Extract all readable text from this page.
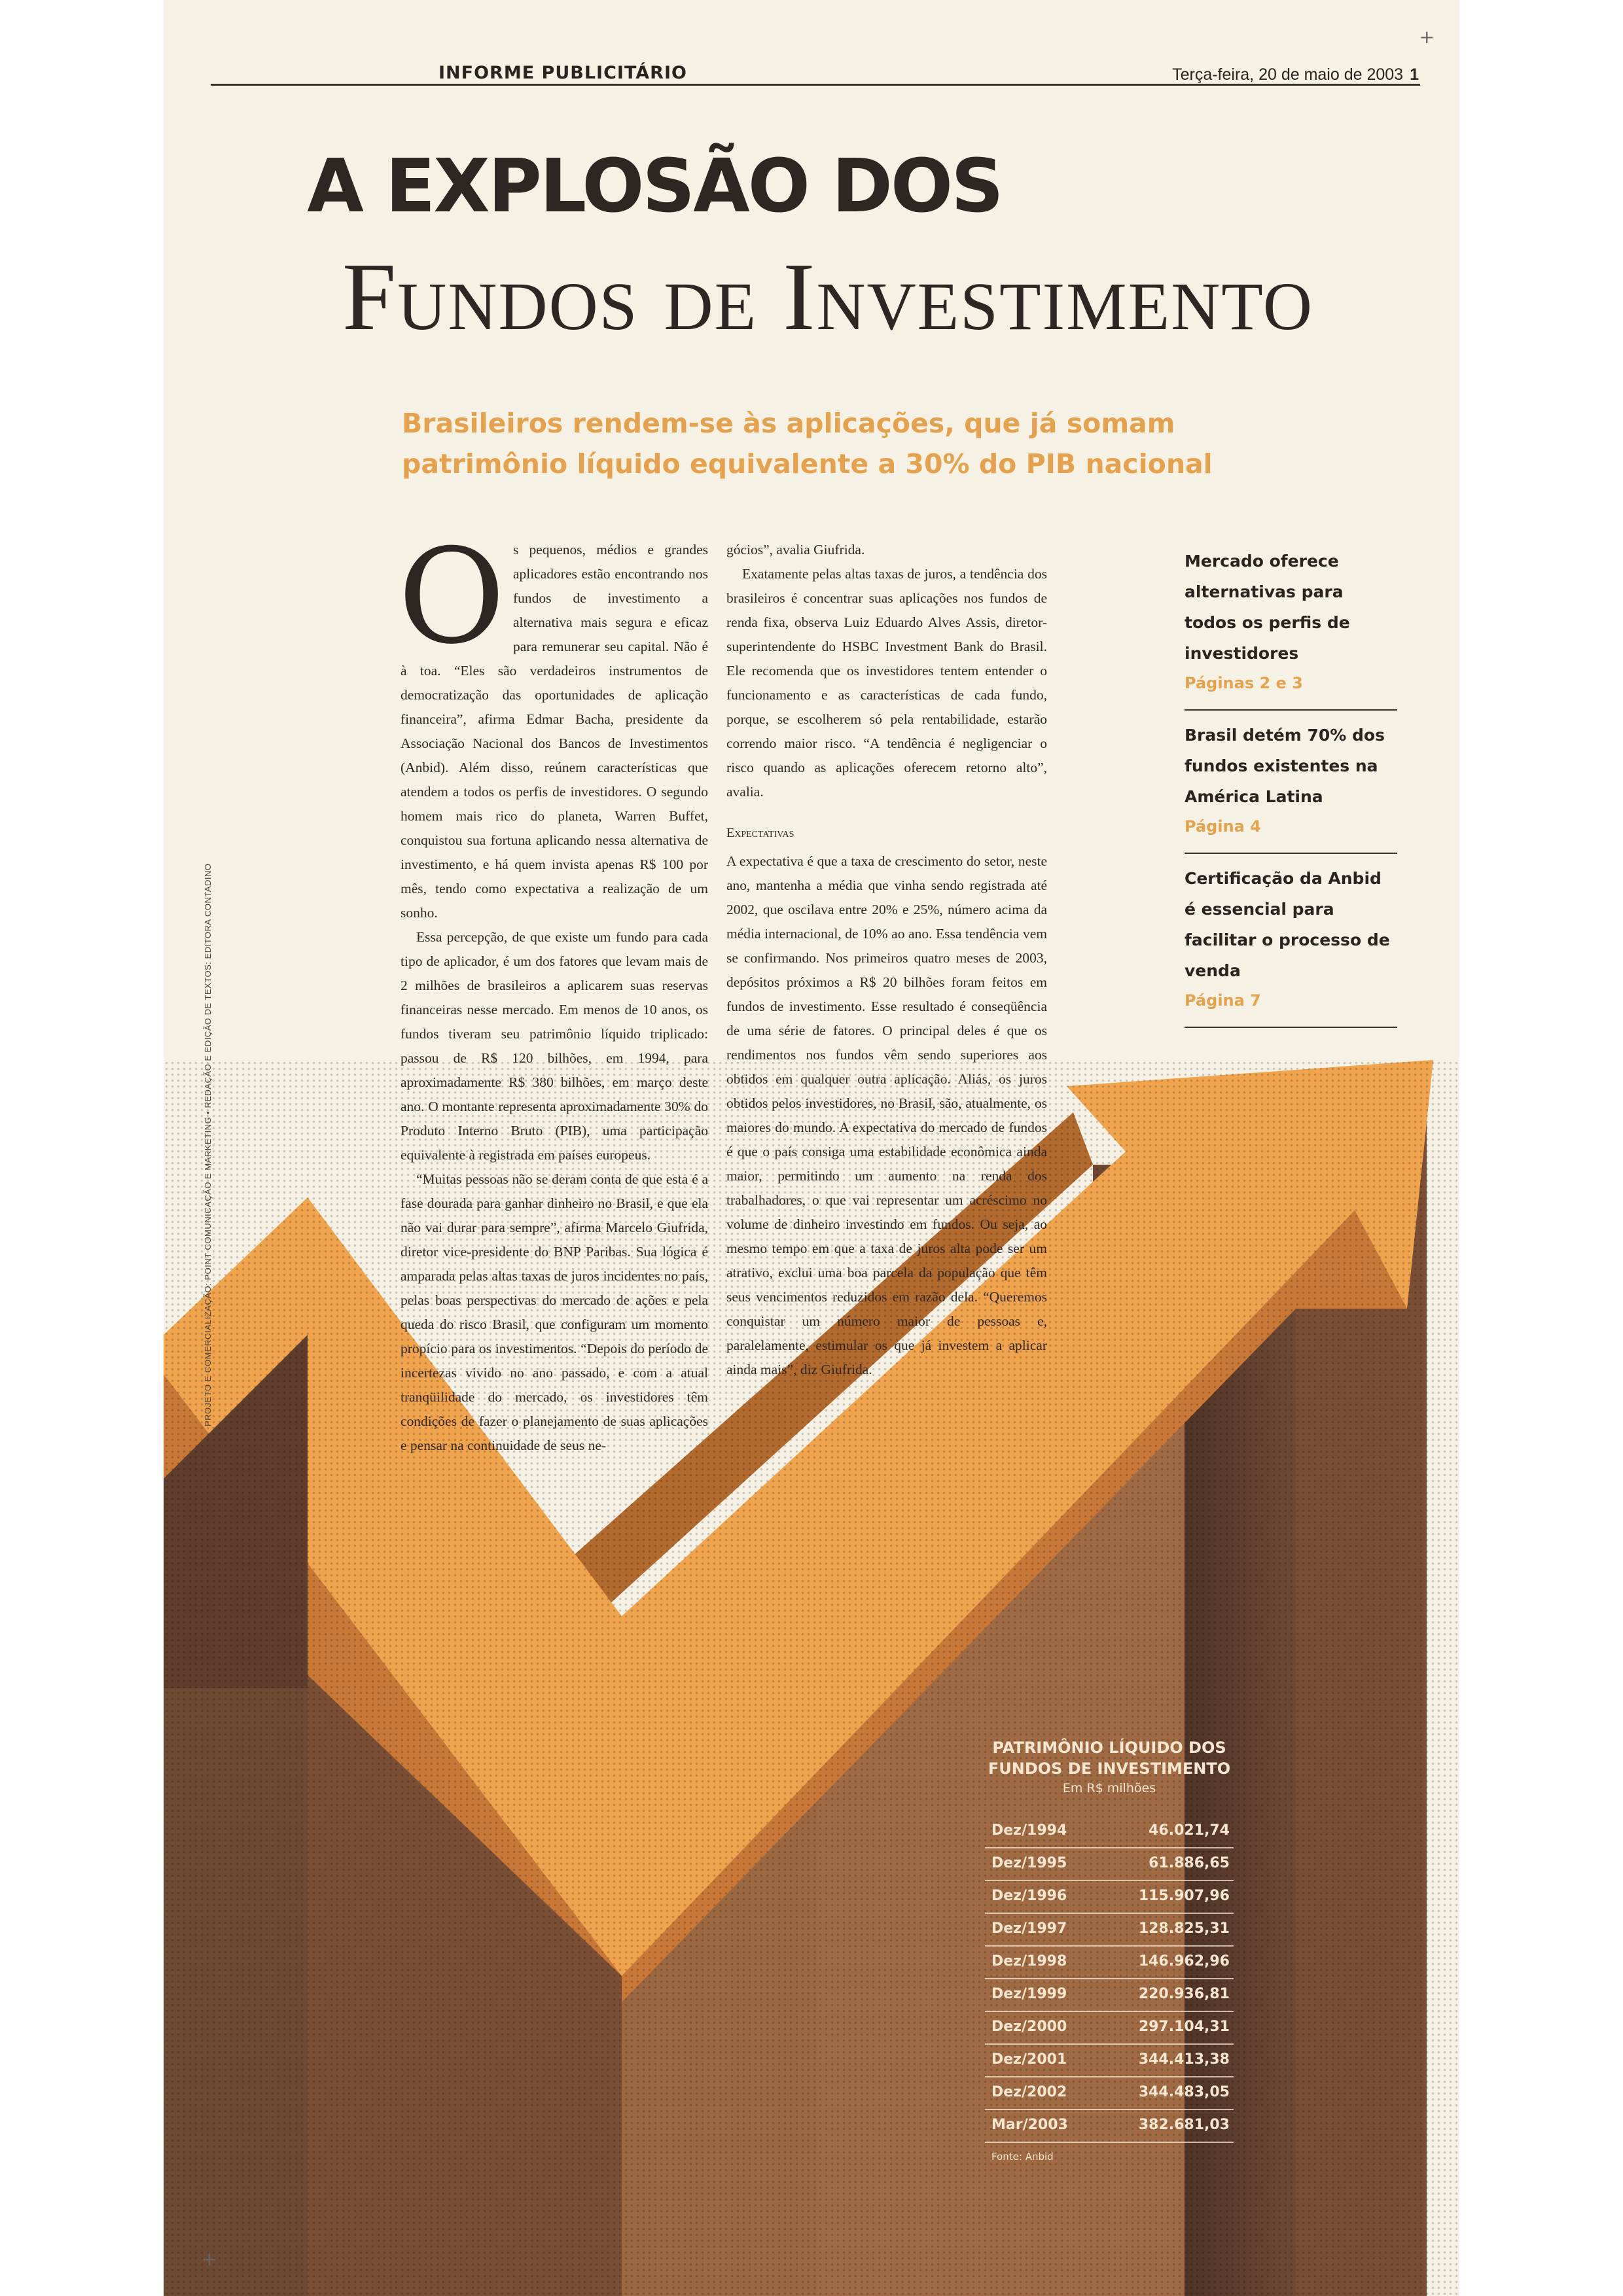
INFORME PUBLICITÁRIO	Terça-feira, 20 de maio de 2003 1
+
+
A EXPLOSÃO DOS
Fundos de Investimento
Brasileiros rendem-se às aplicações, que já somam patrimônio líquido equivalente a 30% do PIB nacional
O s pequenos, médios e grandes aplicadores estão encontrando nos fundos de investimento a alternativa mais segura e eficaz para remunerar seu capital. Não é à toa. “Eles são verdadeiros instrumentos de democratização das oportunidades de aplicação financeira”, afirma Edmar Bacha, presidente da Associação Nacional dos Bancos de Investimentos (Anbid). Além disso, reúnem características que atendem a todos os perfis de investidores. O segundo homem mais rico do planeta, Warren Buffet, conquistou sua fortuna aplicando nessa alternativa de investimento, e há quem invista apenas R$ 100 por mês, tendo como expectativa a realização de um sonho.

Essa percepção, de que existe um fundo para cada tipo de aplicador, é um dos fatores que levam mais de 2 milhões de brasileiros a aplicarem suas reservas financeiras nesse mercado. Em menos de 10 anos, os fundos tiveram seu patrimônio líquido triplicado: passou de R$ 120 bilhões, em 1994, para aproximadamente R$ 380 bilhões, em março deste ano. O montante representa aproximadamente 30% do Produto Interno Bruto (PIB), uma participação equivalente à registrada em países europeus.

“Muitas pessoas não se deram conta de que esta é a fase dourada para ganhar dinheiro no Brasil, e que ela não vai durar para sempre”, afirma Marcelo Giufrida, diretor vice-presidente do BNP Paribas. Sua lógica é amparada pelas altas taxas de juros incidentes no país, pelas boas perspectivas do mercado de ações e pela queda do risco Brasil, que configuram um momento propício para os investimentos. “Depois do período de incertezas vivido no ano passado, e com a atual tranqüilidade do mercado, os investidores têm condições de fazer o planejamento de suas aplicações e pensar na continuidade de seus ne-

gócios”, avalia Giufrida.

Exatamente pelas altas taxas de juros, a tendência dos brasileiros é concentrar suas aplicações nos fundos de renda fixa, observa Luiz Eduardo Alves Assis, diretor-superintendente do HSBC Investment Bank do Brasil. Ele recomenda que os investidores tentem entender o funcionamento e as características de cada fundo, porque, se escolherem só pela rentabilidade, estarão correndo maior risco. “A tendência é negligenciar o risco quando as aplicações oferecem retorno alto”, avalia.

Expectativas

A expectativa é que a taxa de crescimento do setor, neste ano, mantenha a média que vinha sendo registrada até 2002, que oscilava entre 20% e 25%, número acima da média internacional, de 10% ao ano. Essa tendência vem se confirmando. Nos primeiros quatro meses de 2003, depósitos próximos a R$ 20 bilhões foram feitos em fundos de investimento. Esse resultado é conseqüência de uma série de fatores. O principal deles é que os rendimentos nos fundos vêm sendo superiores aos obtidos em qualquer outra aplicação. Aliás, os juros obtidos pelos investidores, no Brasil, são, atualmente, os maiores do mundo. A expectativa do mercado de fundos é que o país consiga uma estabilidade econômica ainda maior, permitindo um aumento na renda dos trabalhadores, o que vai representar um acréscimo no volume de dinheiro investindo em fundos. Ou seja, ao mesmo tempo em que a taxa de juros alta pode ser um atrativo, exclui uma boa parcela da população que têm seus vencimentos reduzidos em razão dela. “Queremos conquistar um número maior de pessoas e, paralelamente, estimular os que já investem a aplicar ainda mais”, diz Giufrida.

Mercado oferece alternativas para todos os perfis de investidores
Páginas 2 e 3
Brasil detém 70% dos fundos existentes na América Latina
Página 4
Certificação da Anbid é essencial para facilitar o processo de venda
Página 7
PROJETO E COMERCIALIZAÇÃO: POINT COMUNICAÇÃO E MARKETING • REDAÇÃO E EDIÇÃO DE TEXTOS: EDITORA CONTADINO
PATRIMÔNIO LÍQUIDO DOS
FUNDOS DE INVESTIMENTO
Em R$ milhões
Dez/1994	46.021,74
Dez/1995	61.886,65
Dez/1996	115.907,96
Dez/1997	128.825,31
Dez/1998	146.962,96
Dez/1999	220.936,81
Dez/2000	297.104,31
Dez/2001	344.413,38
Dez/2002	344.483,05
Mar/2003	382.681,03
Fonte: Anbid
